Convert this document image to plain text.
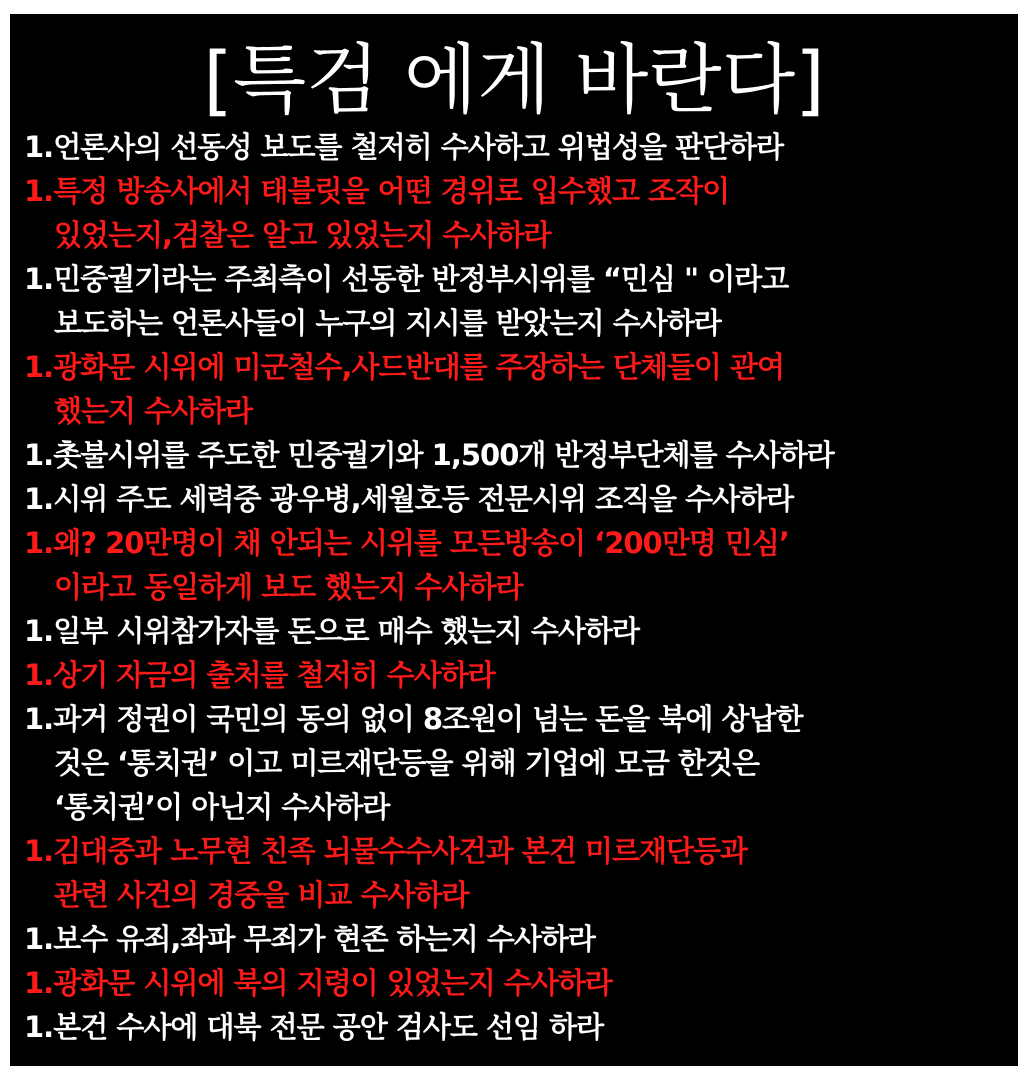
[특검 에게 바란다]
1.언론사의 선동성 보도를 철저히 수사하고 위법성을 판단하라
1.특정 방송사에서 태블릿을 어떤 경위로 입수했고 조작이
있었는지,검찰은 알고 있었는지 수사하라
1.민중궐기라는 주최측이 선동한 반정부시위를 “민심 " 이라고
보도하는 언론사들이 누구의 지시를 받았는지 수사하라
1.광화문 시위에 미군철수,사드반대를 주장하는 단체들이 관여
했는지 수사하라
1.촛불시위를 주도한 민중궐기와 1,500개 반정부단체를 수사하라
1.시위 주도 세력중 광우병,세월호등 전문시위 조직을 수사하라
1.왜? 20만명이 채 안되는 시위를 모든방송이 ‘200만명 민심’
이라고 동일하게 보도 했는지 수사하라
1.일부 시위참가자를 돈으로 매수 했는지 수사하라
1.상기 자금의 출처를 철저히 수사하라
1.과거 정권이 국민의 동의 없이 8조원이 넘는 돈을 북에 상납한
것은 ‘통치권’ 이고 미르재단등을 위해 기업에 모금 한것은
‘통치권’이 아닌지 수사하라
1.김대중과 노무현 친족 뇌물수수사건과 본건 미르재단등과
관련 사건의 경중을 비교 수사하라
1.보수 유죄,좌파 무죄가 현존 하는지 수사하라
1.광화문 시위에 북의 지령이 있었는지 수사하라
1.본건 수사에 대북 전문 공안 검사도 선임 하라
